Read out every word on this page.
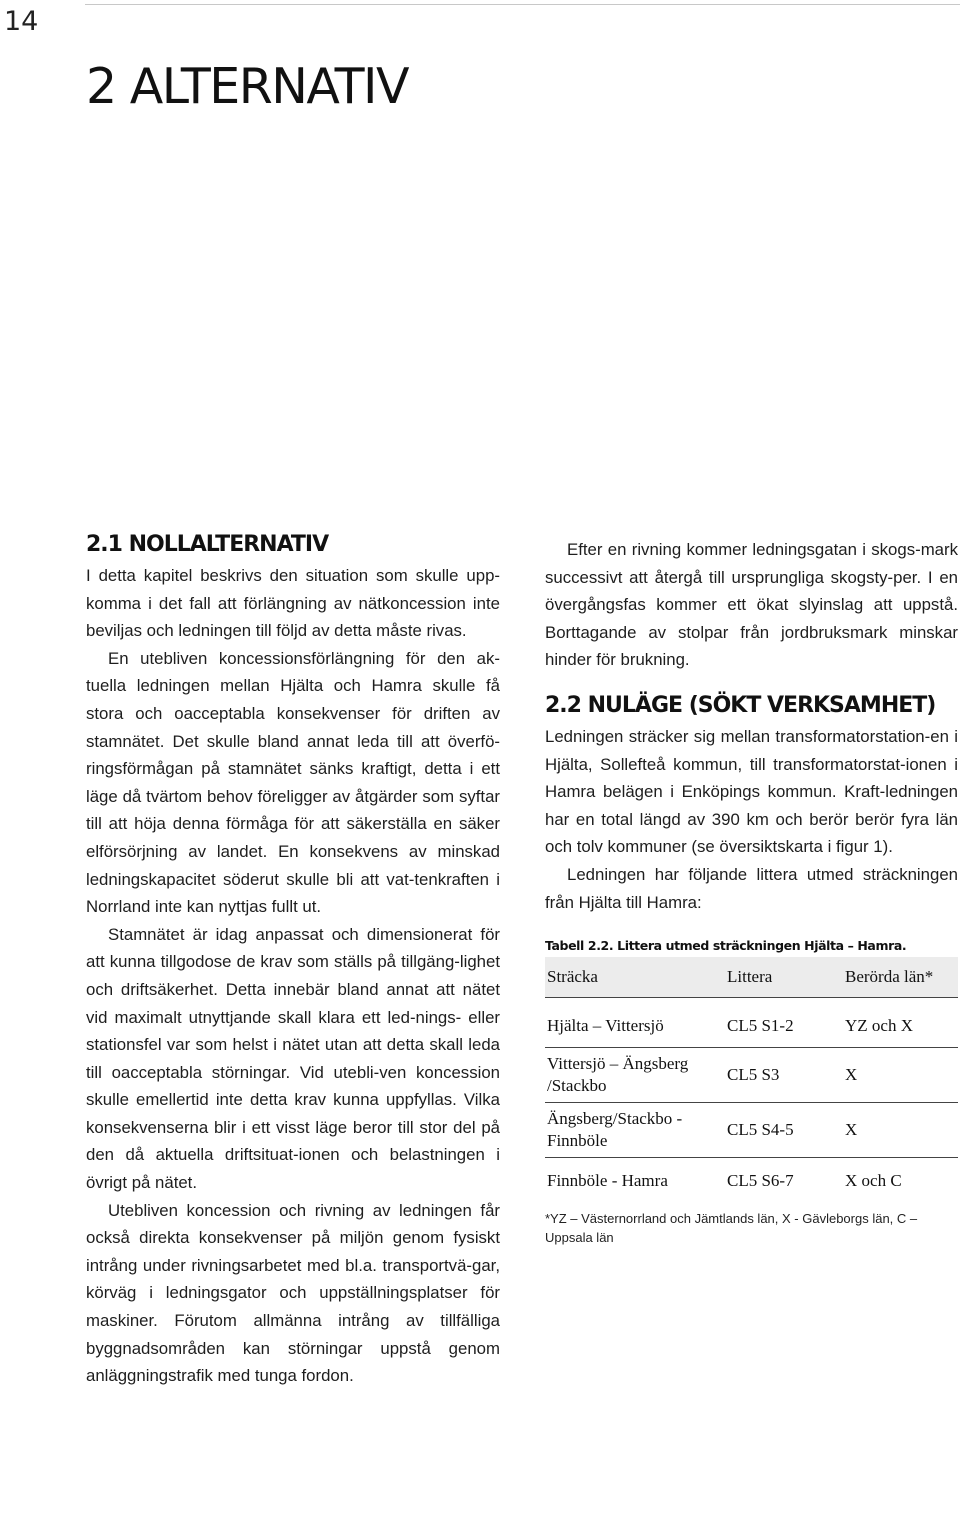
14
2 ALTERNATIV
2.1 NOLLALTERNATIV

I detta kapitel beskrivs den situation som skulle upp-komma i det fall att förlängning av nätkoncession inte beviljas och ledningen till följd av detta måste rivas.

En utebliven koncessionsförlängning för den ak-tuella ledningen mellan Hjälta och Hamra skulle få stora och oacceptabla konsekvenser för driften av stamnätet. Det skulle bland annat leda till att överfö-ringsförmågan på stamnätet sänks kraftigt, detta i ett läge då tvärtom behov föreligger av åtgärder som syftar till att höja denna förmåga för att säkerställa en säker elförsörjning av landet. En konsekvens av minskad ledningskapacitet söderut skulle bli att vat-tenkraften i Norrland inte kan nyttjas fullt ut.

Stamnätet är idag anpassat och dimensionerat för att kunna tillgodose de krav som ställs på tillgäng-lighet och driftsäkerhet. Detta innebär bland annat att nätet vid maximalt utnyttjande skall klara ett led-nings- eller stationsfel var som helst i nätet utan att detta skall leda till oacceptabla störningar. Vid utebli-ven koncession skulle emellertid inte detta krav kunna uppfyllas. Vilka konsekvenserna blir i ett visst läge beror till stor del på den då aktuella driftsituat-ionen och belastningen i övrigt på nätet.

Utebliven koncession och rivning av ledningen får också direkta konsekvenser på miljön genom fysiskt intrång under rivningsarbetet med bl.a. transportvä-gar, körväg i ledningsgator och uppställningsplatser för maskiner. Förutom allmänna intrång av tillfälliga byggnadsområden kan störningar uppstå genom anläggningstrafik med tunga fordon.

Efter en rivning kommer ledningsgatan i skogs-mark successivt att återgå till ursprungliga skogsty-per. I en övergångsfas kommer ett ökat slyinslag att uppstå. Borttagande av stolpar från jordbruksmark minskar hinder för brukning.

2.2 NULÄGE (SÖKT VERKSAMHET)

Ledningen sträcker sig mellan transformatorstation-en i Hjälta, Sollefteå kommun, till transformatorstat-ionen i Hamra belägen i Enköpings kommun. Kraft-ledningen har en total längd av 390 km och berör berör fyra län och tolv kommuner (se översiktskarta i figur 1).

Ledningen har följande littera utmed sträckningen från Hjälta till Hamra:

Tabell 2.2. Littera utmed sträckningen Hjälta – Hamra.
Sträcka	Littera	Berörda län*
Hjälta – Vittersjö	CL5 S1-2	YZ och X
Vittersjö – Ängsberg /Stackbo	CL5 S3	X
Ängsberg/Stackbo - Finnböle	CL5 S4-5	X
Finnböle - Hamra	CL5 S6-7	X och C
*YZ – Västernorrland och Jämtlands län, X - Gävleborgs län, C – Uppsala län
